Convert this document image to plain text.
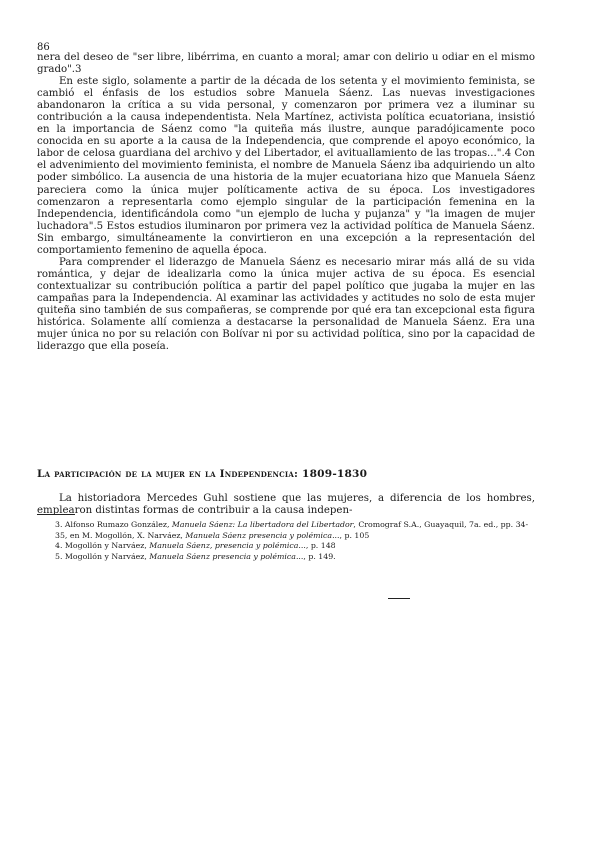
86

nera del deseo de "ser libre, libérrima, en cuanto a moral; amar con delirio u odiar en el mismo grado".3

En este siglo, solamente a partir de la década de los setenta y el movimiento feminista, se cambió el énfasis de los estudios sobre Manuela Sáenz. Las nuevas investigaciones abandonaron la crítica a su vida personal, y comenzaron por primera vez a iluminar su contribución a la causa independentista. Nela Martínez, activista política ecuatoriana, insistió en la importancia de Sáenz como "la quiteña más ilustre, aunque paradójicamente poco conocida en su aporte a la causa de la Independencia, que comprende el apoyo económico, la labor de celosa guardiana del archivo y del Libertador, el avituallamiento de las tropas...".4 Con el advenimiento del movimiento feminista, el nombre de Manuela Sáenz iba adquiriendo un alto poder simbólico. La ausencia de una historia de la mujer ecuatoriana hizo que Manuela Sáenz pareciera como la única mujer políticamente activa de su época. Los investigadores comenzaron a representarla como ejemplo singular de la participación femenina en la Independencia, identificándola como "un ejemplo de lucha y pujanza" y "la imagen de mujer luchadora".5 Estos estudios iluminaron por primera vez la actividad política de Manuela Sáenz. Sin embargo, simultáneamente la convirtieron en una excepción a la representación del comportamiento femenino de aquella época.

Para comprender el liderazgo de Manuela Sáenz es necesario mirar más allá de su vida romántica, y dejar de idealizarla como la única mujer activa de su época. Es esencial contextualizar su contribución política a partir del papel político que jugaba la mujer en las campañas para la Independencia. Al examinar las actividades y actitudes no solo de esta mujer quiteña sino también de sus compañeras, se comprende por qué era tan excepcional esta figura histórica. Solamente allí comienza a destacarse la personalidad de Manuela Sáenz. Era una mujer única no por su relación con Bolívar ni por su actividad política, sino por la capacidad de liderazgo que ella poseía.

La participación de la mujer en la Independencia: 1809-1830

La historiadora Mercedes Guhl sostiene que las mujeres, a diferencia de los hombres, emplearon distintas formas de contribuir a la causa indepen-

3. Alfonso Rumazo González, Manuela Sáenz: La libertadora del Libertador, Cromograf S.A., Guayaquil, 7a. ed., pp. 34-35, en M. Mogollón, X. Narváez, Manuela Sáenz presencia y polémica..., p. 105

4. Mogollón y Narváez, Manuela Sáenz, presencia y polémica..., p. 148

5. Mogollón y Narváez, Manuela Sáenz presencia y polémica..., p. 149.
